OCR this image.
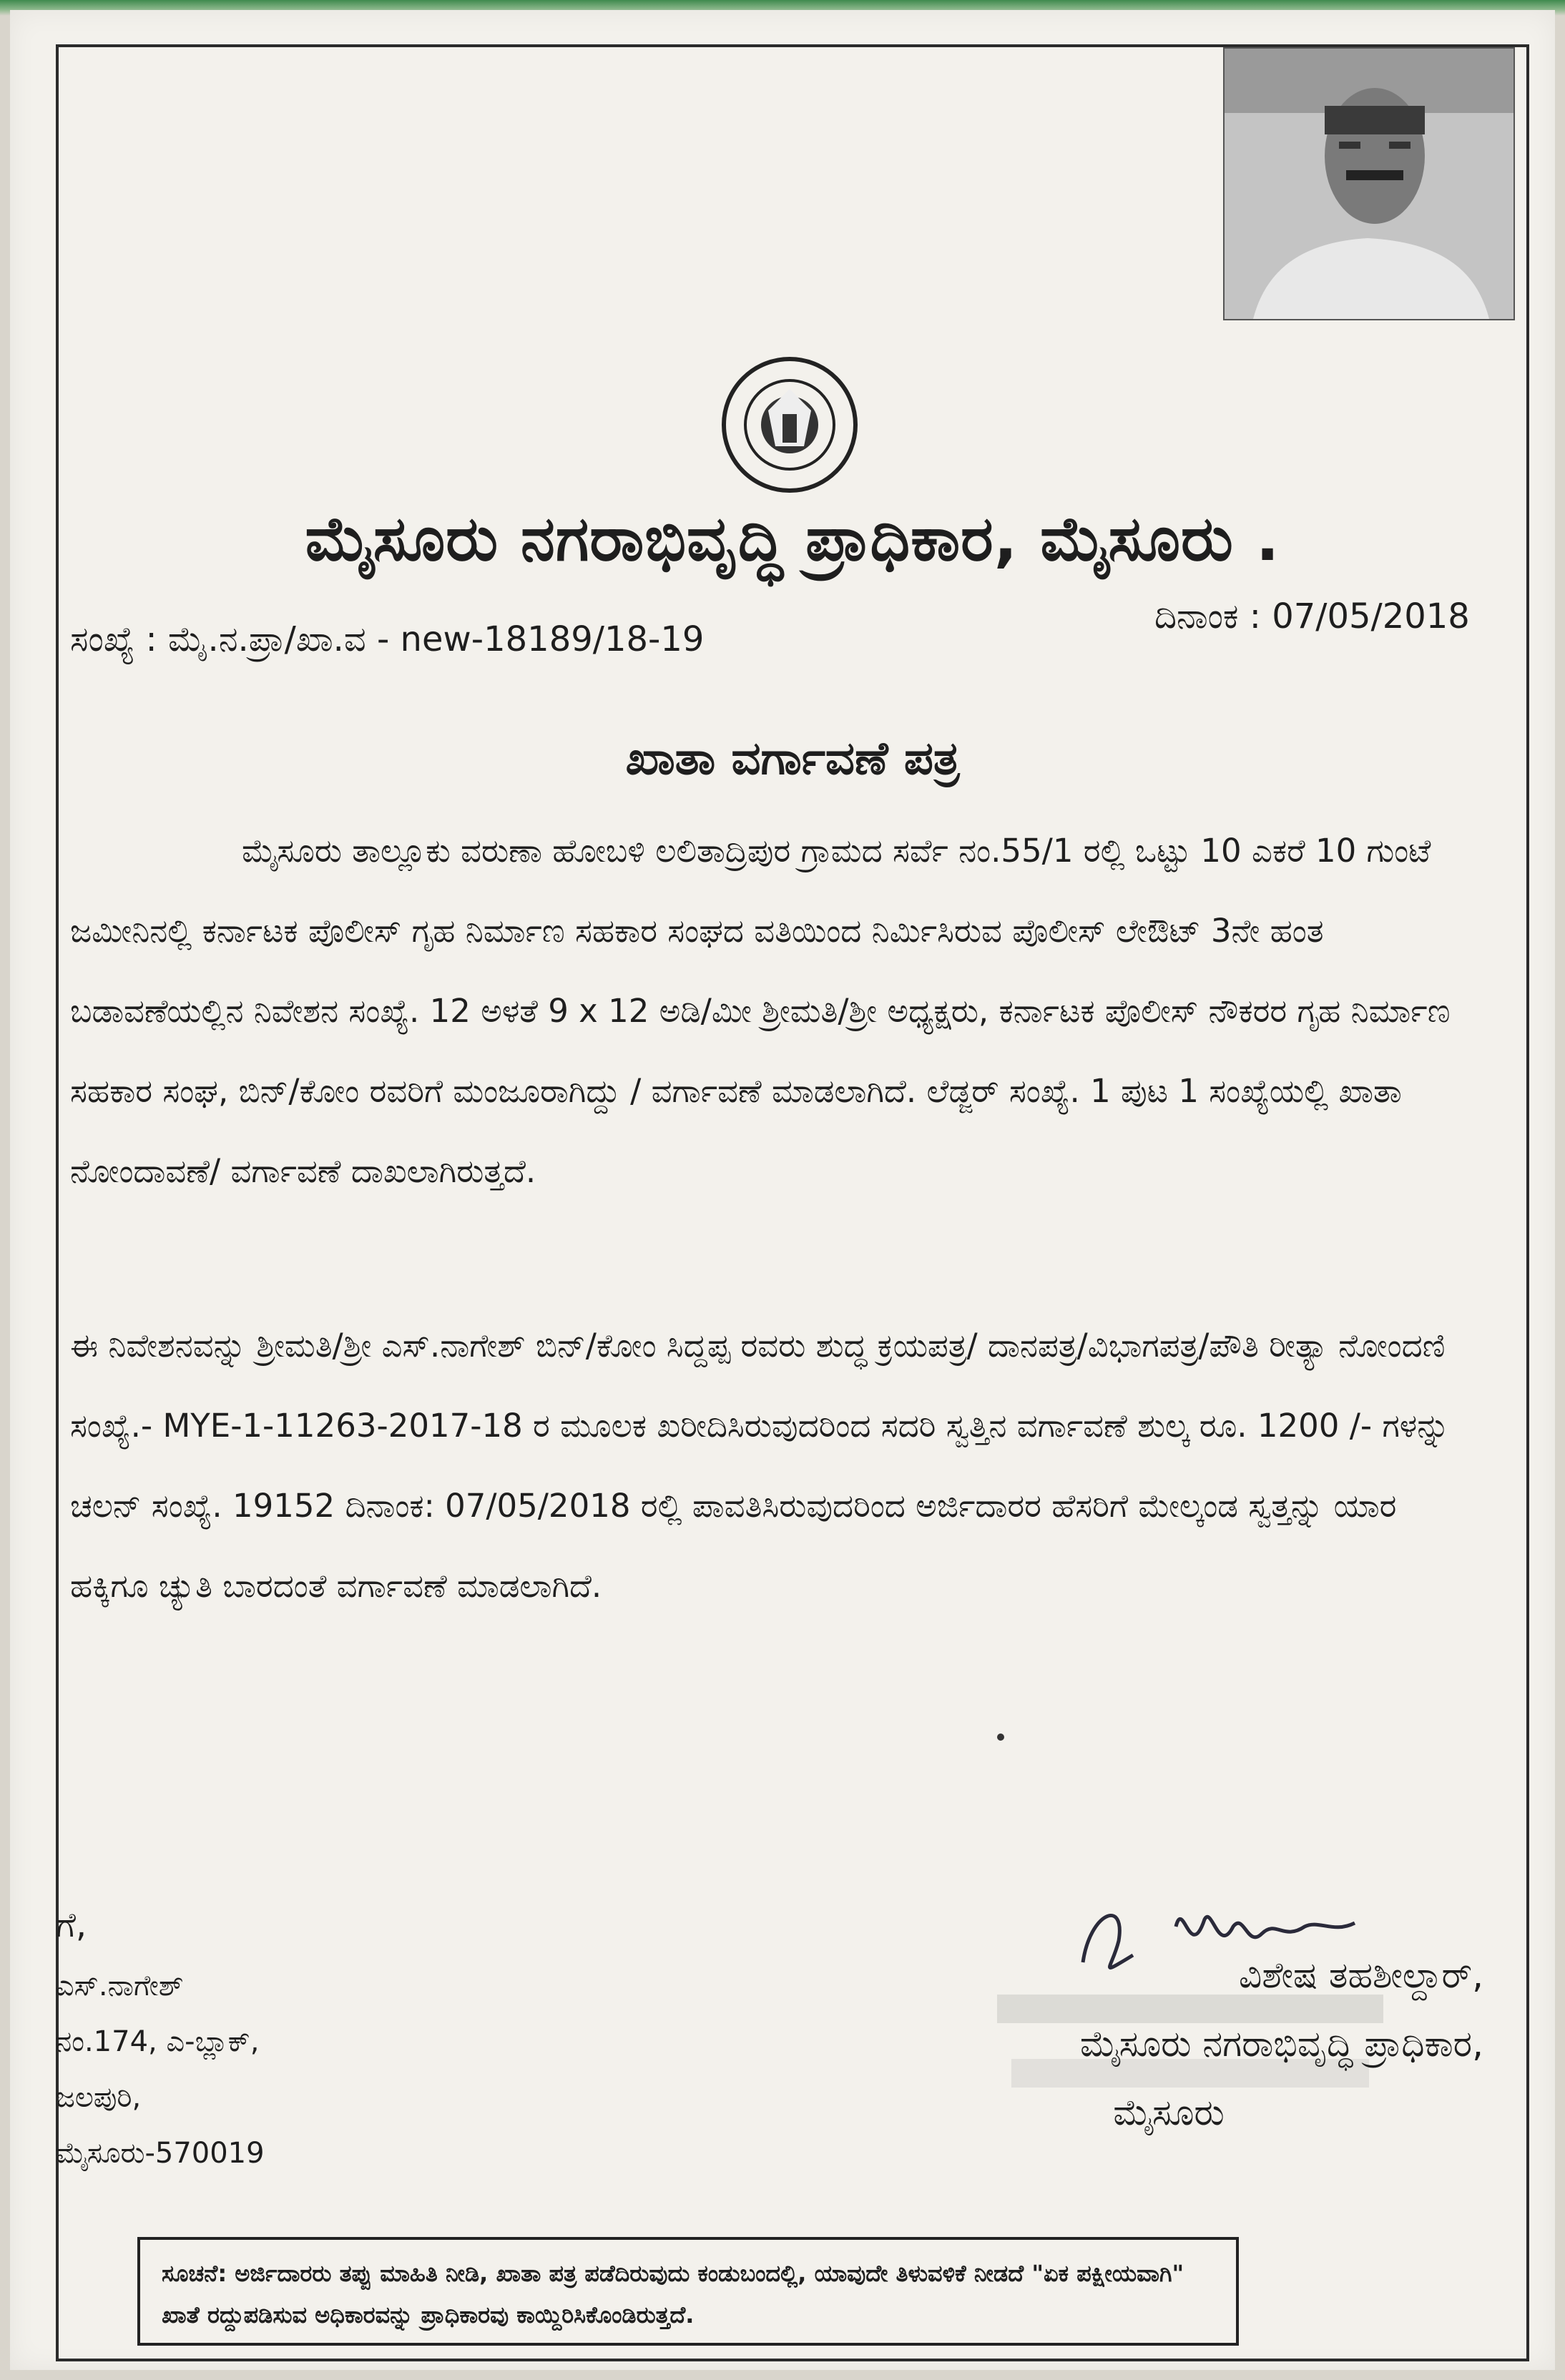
ಮೈಸೂರು ನಗರಾಭಿವೃದ್ಧಿ ಪ್ರಾಧಿಕಾರ, ಮೈಸೂರು .
ಸಂಖ್ಯೆ : ಮೈ.ನ.ಪ್ರಾ/ಖಾ.ವ - new-18189/18-19
ದಿನಾಂಕ : 07/05/2018
ಖಾತಾ ವರ್ಗಾವಣೆ ಪತ್ರ
ಮೈಸೂರು ತಾಲ್ಲೂಕು ವರುಣಾ ಹೋಬಳಿ ಲಲಿತಾದ್ರಿಪುರ ಗ್ರಾಮದ ಸರ್ವೆ ನಂ.55/1 ರಲ್ಲಿ ಒಟ್ಟು 10 ಎಕರೆ 10 ಗುಂಟೆ ಜಮೀನಿನಲ್ಲಿ ಕರ್ನಾಟಕ ಪೊಲೀಸ್ ಗೃಹ ನಿರ್ಮಾಣ ಸಹಕಾರ ಸಂಘದ ವತಿಯಿಂದ ನಿರ್ಮಿಸಿರುವ ಪೊಲೀಸ್ ಲೇಔಟ್ 3ನೇ ಹಂತ ಬಡಾವಣೆಯಲ್ಲಿನ ನಿವೇಶನ ಸಂಖ್ಯೆ. 12 ಅಳತೆ 9 x 12 ಅಡಿ/ಮೀ ಶ್ರೀಮತಿ/ಶ್ರೀ ಅಧ್ಯಕ್ಷರು, ಕರ್ನಾಟಕ ಪೊಲೀಸ್ ನೌಕರರ ಗೃಹ ನಿರ್ಮಾಣ ಸಹಕಾರ ಸಂಘ, ಬಿನ್/ಕೋಂ ರವರಿಗೆ ಮಂಜೂರಾಗಿದ್ದು / ವರ್ಗಾವಣೆ ಮಾಡಲಾಗಿದೆ. ಲೆಡ್ಜರ್ ಸಂಖ್ಯೆ. 1 ಪುಟ 1 ಸಂಖ್ಯೆಯಲ್ಲಿ ಖಾತಾ ನೋಂದಾವಣೆ/ ವರ್ಗಾವಣೆ ದಾಖಲಾಗಿರುತ್ತದೆ.
ಈ ನಿವೇಶನವನ್ನು ಶ್ರೀಮತಿ/ಶ್ರೀ ಎಸ್.ನಾಗೇಶ್ ಬಿನ್/ಕೋಂ ಸಿದ್ದಪ್ಪ ರವರು ಶುದ್ಧ ಕ್ರಯಪತ್ರ/ ದಾನಪತ್ರ/ವಿಭಾಗಪತ್ರ/ಪೌತಿ ರೀತ್ಯಾ ನೋಂದಣಿ ಸಂಖ್ಯೆ.- MYE-1-11263-2017-18 ರ ಮೂಲಕ ಖರೀದಿಸಿರುವುದರಿಂದ ಸದರಿ ಸ್ವತ್ತಿನ ವರ್ಗಾವಣೆ ಶುಲ್ಕ ರೂ. 1200 /- ಗಳನ್ನು ಚಲನ್ ಸಂಖ್ಯೆ. 19152 ದಿನಾಂಕ: 07/05/2018 ರಲ್ಲಿ ಪಾವತಿಸಿರುವುದರಿಂದ ಅರ್ಜಿದಾರರ ಹೆಸರಿಗೆ ಮೇಲ್ಕಂಡ ಸ್ವತ್ತನ್ನು ಯಾರ ಹಕ್ಕಿಗೂ ಚ್ಯುತಿ ಬಾರದಂತೆ ವರ್ಗಾವಣೆ ಮಾಡಲಾಗಿದೆ.
ಗೆ,
ಎಸ್.ನಾಗೇಶ್
ನಂ.174, ಎ-ಬ್ಲಾಕ್,
ಜಲಪುರಿ,
ಮೈಸೂರು-570019
ವಿಶೇಷ ತಹಶೀಲ್ದಾರ್,
ಮೈಸೂರು ನಗರಾಭಿವೃದ್ಧಿ ಪ್ರಾಧಿಕಾರ,
ಮೈಸೂರು
ಸೂಚನೆ: ಅರ್ಜಿದಾರರು ತಪ್ಪು ಮಾಹಿತಿ ನೀಡಿ, ಖಾತಾ ಪತ್ರ ಪಡೆದಿರುವುದು ಕಂಡುಬಂದಲ್ಲಿ, ಯಾವುದೇ ತಿಳುವಳಿಕೆ ನೀಡದೆ "ಏಕ ಪಕ್ಷೀಯವಾಗಿ" ಖಾತೆ ರದ್ದುಪಡಿಸುವ ಅಧಿಕಾರವನ್ನು ಪ್ರಾಧಿಕಾರವು ಕಾಯ್ದಿರಿಸಿಕೊಂಡಿರುತ್ತದೆ.
